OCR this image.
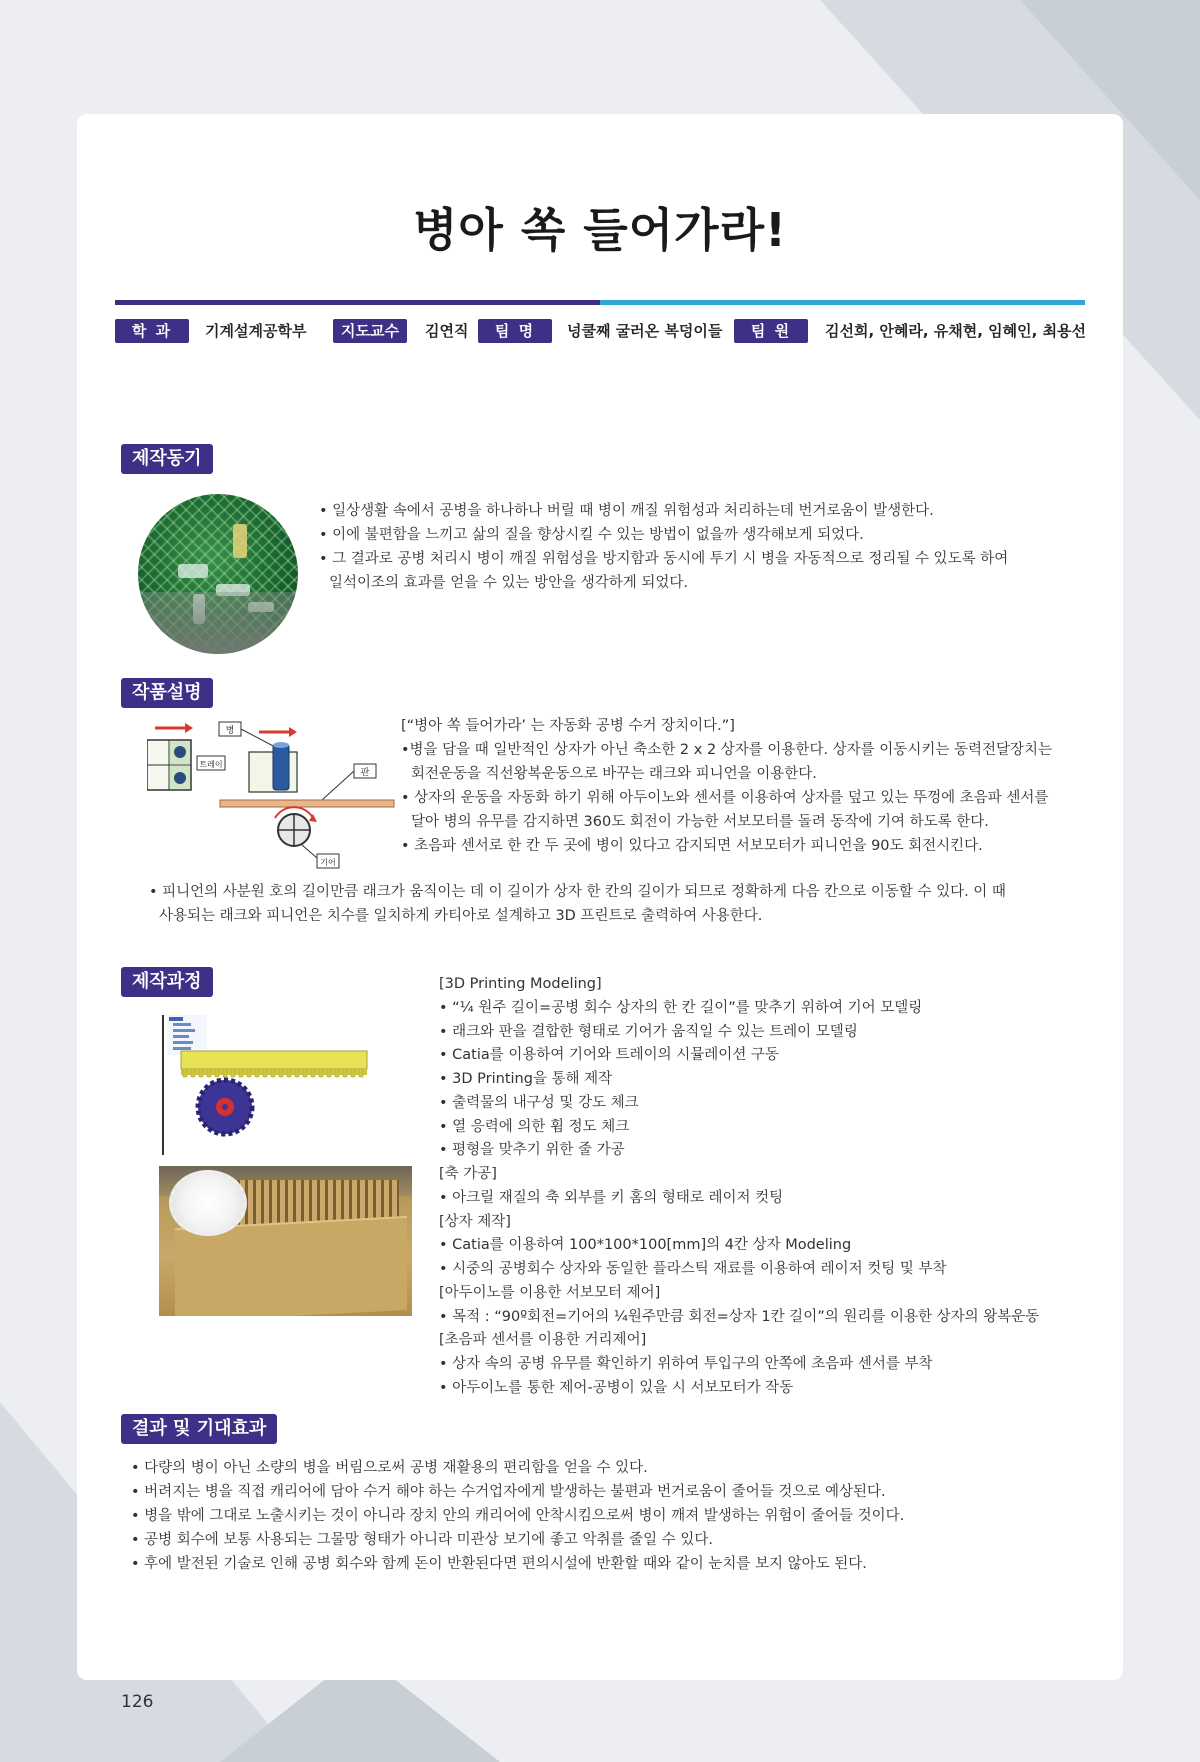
병아 쏙 들어가라!
학 과	기계설계공학부	지도교수	김연직	팀 명	넝쿨째 굴러온 복덩이들	팀 원	김선희, 안혜라, 유채현, 임혜인, 최용선
제작동기

• 일상생활 속에서 공병을 하나하나 버릴 때 병이 깨질 위험성과 처리하는데 번거로움이 발생한다.

• 이에 불편함을 느끼고 삶의 질을 향상시킬 수 있는 방법이 없을까 생각해보게 되었다.

• 그 결과로 공병 처리시 병이 깨질 위험성을 방지함과 동시에 투기 시 병을 자동적으로 정리될 수 있도록 하여

일석이조의 효과를 얻을 수 있는 방안을 생각하게 되었다.

작품설명
병
트레이
판
기어

[“병아 쏙 들어가라’ 는 자동화 공병 수거 장치이다.”]

•병을 담을 때 일반적인 상자가 아닌 축소한 2 x 2 상자를 이용한다. 상자를 이동시키는 동력전달장치는

회전운동을 직선왕복운동으로 바꾸는 래크와 피니언을 이용한다.

• 상자의 운동을 자동화 하기 위해 아두이노와 센서를 이용하여 상자를 덮고 있는 뚜껑에 초음파 센서를

달아 병의 유무를 감지하면 360도 회전이 가능한 서보모터를 돌려 동작에 기여 하도록 한다.

• 초음파 센서로 한 칸 두 곳에 병이 있다고 감지되면 서보모터가 피니언을 90도 회전시킨다.

• 피니언의 사분원 호의 길이만큼 래크가 움직이는 데 이 길이가 상자 한 칸의 길이가 되므로 정확하게 다음 칸으로 이동할 수 있다. 이 때

사용되는 래크와 피니언은 치수를 일치하게 카티아로 설계하고 3D 프린트로 출력하여 사용한다.

제작과정	[3D Printing Modeling]

• “¼ 원주 길이=공병 회수 상자의 한 칸 길이”를 맞추기 위하여 기어 모델링

• 래크와 판을 결합한 형태로 기어가 움직일 수 있는 트레이 모델링

• Catia를 이용하여 기어와 트레이의 시뮬레이션 구동

• 3D Printing을 통해 제작

• 출력물의 내구성 및 강도 체크

• 열 응력에 의한 휨 정도 체크

• 평형을 맞추기 위한 줄 가공

[축 가공]

• 아크릴 재질의 축 외부를 키 홈의 형태로 레이저 컷팅

[상자 제작]

• Catia를 이용하여 100*100*100[mm]의 4칸 상자 Modeling

• 시중의 공병회수 상자와 동일한 플라스틱 재료를 이용하여 레이저 컷팅 및 부착

[아두이노를 이용한 서보모터 제어]

• 목적 : “90º회전=기어의 ¼원주만큼 회전=상자 1칸 길이”의 원리를 이용한 상자의 왕복운동

[초음파 센서를 이용한 거리제어]

• 상자 속의 공병 유무를 확인하기 위하여 투입구의 안쪽에 초음파 센서를 부착

• 아두이노를 통한 제어-공병이 있을 시 서보모터가 작동

결과 및 기대효과

• 다량의 병이 아닌 소량의 병을 버림으로써 공병 재활용의 편리함을 얻을 수 있다.

• 버려지는 병을 직접 캐리어에 담아 수거 해야 하는 수거업자에게 발생하는 불편과 번거로움이 줄어들 것으로 예상된다.

• 병을 밖에 그대로 노출시키는 것이 아니라 장치 안의 캐리어에 안착시킴으로써 병이 깨져 발생하는 위험이 줄어들 것이다.

• 공병 회수에 보통 사용되는 그물망 형태가 아니라 미관상 보기에 좋고 악취를 줄일 수 있다.

• 후에 발전된 기술로 인해 공병 회수와 함께 돈이 반환된다면 편의시설에 반환할 때와 같이 눈치를 보지 않아도 된다.

126
